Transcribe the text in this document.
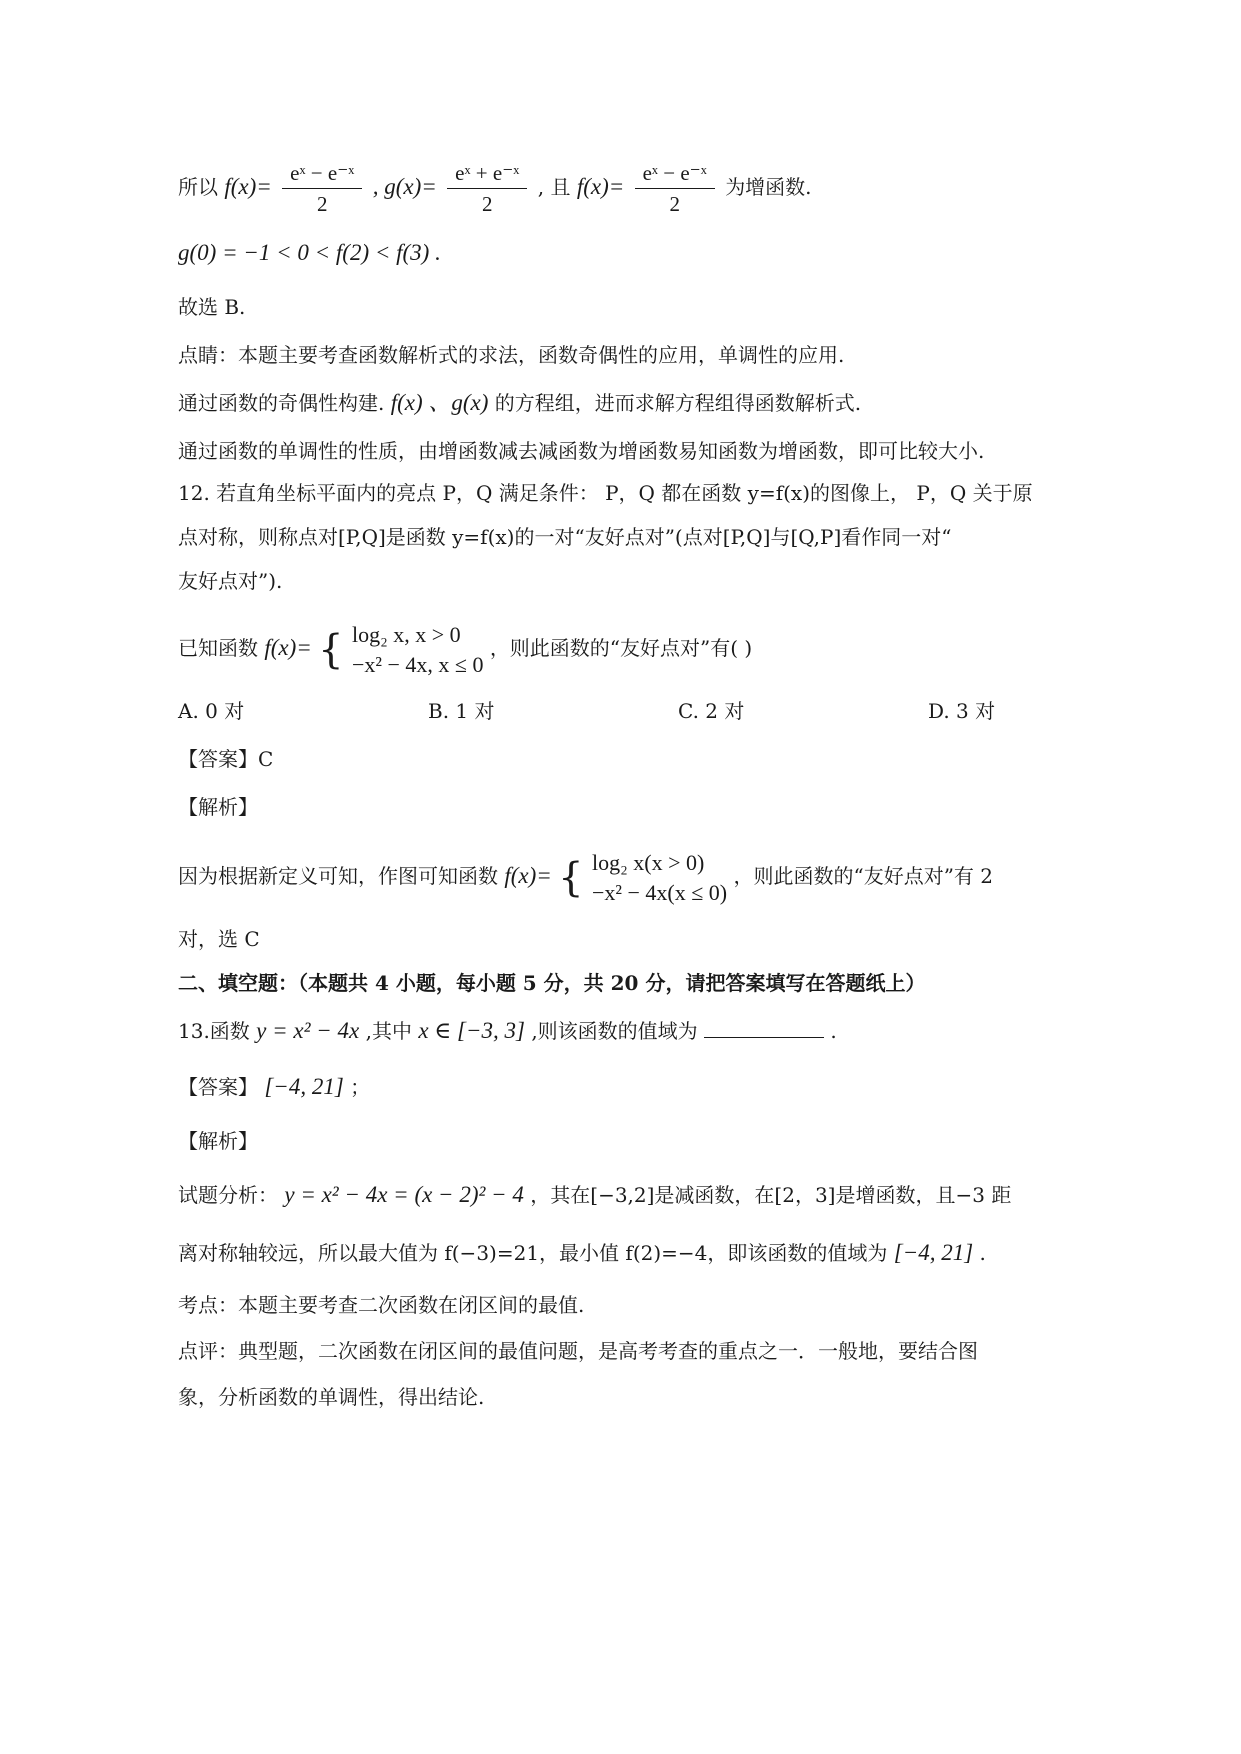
所以 $f(x)= \frac{\text{eˣ − e⁻ˣ}}{2}$ , $g(x)= \frac{\text{eˣ + e⁻ˣ}}{2}$ , 且 $f(x)= \frac{\text{eˣ − e⁻ˣ}}{2}$ 为增函数.
g(0) = −1 < 0 < f(2) < f(3) .
故选 B.
点睛：本题主要考查函数解析式的求法，函数奇偶性的应用，单调性的应用.
通过函数的奇偶性构建. f(x) 、g(x) 的方程组，进而求解方程组得函数解析式.
通过函数的单调性的性质，由增函数减去减函数为增函数易知函数为增函数，即可比较大小.
12. 若直角坐标平面内的亮点 P，Q 满足条件： P，Q 都在函数 y=f(x)的图像上， P，Q 关于原
点对称，则称点对[P,Q]是函数 y=f(x)的一对“友好点对”(点对[P,Q]与[Q,P]看作同一对“
友好点对”).
已知函数 f(x)= { log₂ x, x > 0
−x² − 4x, x ≤ 0
，则此函数的“友好点对”有( )
A. 0 对	B. 1 对	C. 2 对	D. 3 对
【答案】C
【解析】
因为根据新定义可知，作图可知函数 f(x)= { log₂ x(x > 0)
−x² − 4x(x ≤ 0)
，则此函数的“友好点对”有 2
对，选 C
二、填空题：（本题共 4 小题，每小题 5 分，共 20 分，请把答案填写在答题纸上）
13.函数 y = x² − 4x ,其中 x ∈ [−3, 3] ,则该函数的值域为	.
【答案】 [−4, 21] ；
【解析】
试题分析： y = x² − 4x = (x − 2)² − 4 ，其在[−3,2]是减函数，在[2，3]是增函数，且−3 距
离对称轴较远，所以最大值为 f(−3)=21，最小值 f(2)=−4，即该函数的值域为 [−4, 21] .
考点：本题主要考查二次函数在闭区间的最值.
点评：典型题，二次函数在闭区间的最值问题，是高考考查的重点之一．一般地，要结合图
象，分析函数的单调性，得出结论.
